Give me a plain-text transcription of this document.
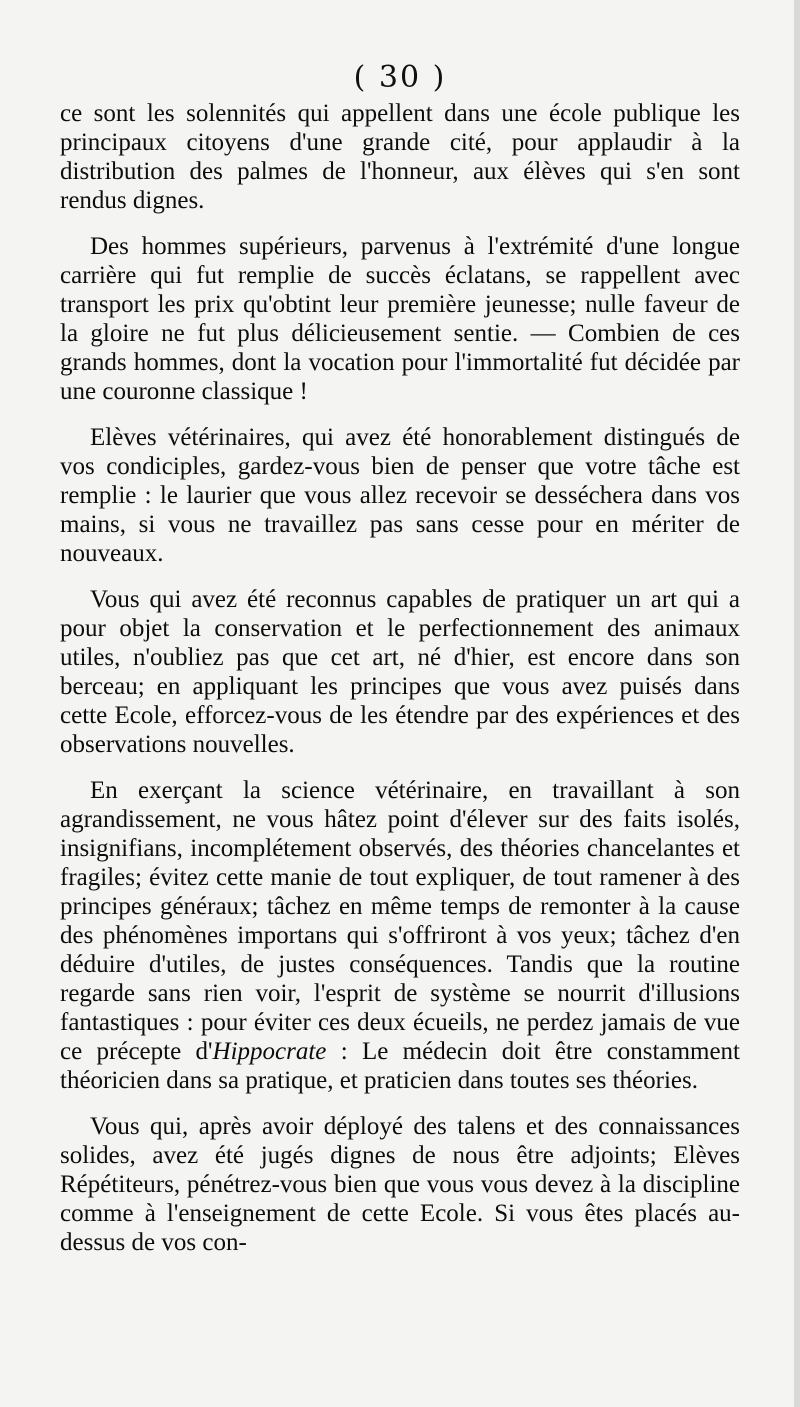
( 30 )

ce sont les solennités qui appellent dans une école publique les principaux citoyens d'une grande cité, pour applaudir à la distribution des palmes de l'honneur, aux élèves qui s'en sont rendus dignes.

Des hommes supérieurs, parvenus à l'extrémité d'une longue carrière qui fut remplie de succès éclatans, se rappellent avec transport les prix qu'obtint leur première jeunesse; nulle faveur de la gloire ne fut plus délicieusement sentie. — Combien de ces grands hommes, dont la vocation pour l'immortalité fut décidée par une couronne classique !

Elèves vétérinaires, qui avez été honorablement distingués de vos condiciples, gardez-vous bien de penser que votre tâche est remplie : le laurier que vous allez recevoir se desséchera dans vos mains, si vous ne travaillez pas sans cesse pour en mériter de nouveaux.

Vous qui avez été reconnus capables de pratiquer un art qui a pour objet la conservation et le perfectionnement des animaux utiles, n'oubliez pas que cet art, né d'hier, est encore dans son berceau; en appliquant les principes que vous avez puisés dans cette Ecole, efforcez-vous de les étendre par des expériences et des observations nouvelles.

En exerçant la science vétérinaire, en travaillant à son agrandissement, ne vous hâtez point d'élever sur des faits isolés, insignifians, incomplétement observés, des théories chancelantes et fragiles; évitez cette manie de tout expliquer, de tout ramener à des principes généraux; tâchez en même temps de remonter à la cause des phénomènes importans qui s'offriront à vos yeux; tâchez d'en déduire d'utiles, de justes conséquences. Tandis que la routine regarde sans rien voir, l'esprit de système se nourrit d'illusions fantastiques : pour éviter ces deux écueils, ne perdez jamais de vue ce précepte d'Hippocrate : Le médecin doit être constamment théoricien dans sa pratique, et praticien dans toutes ses théories.

Vous qui, après avoir déployé des talens et des connaissances solides, avez été jugés dignes de nous être adjoints; Elèves Répétiteurs, pénétrez-vous bien que vous vous devez à la discipline comme à l'enseignement de cette Ecole. Si vous êtes placés au-dessus de vos con-
